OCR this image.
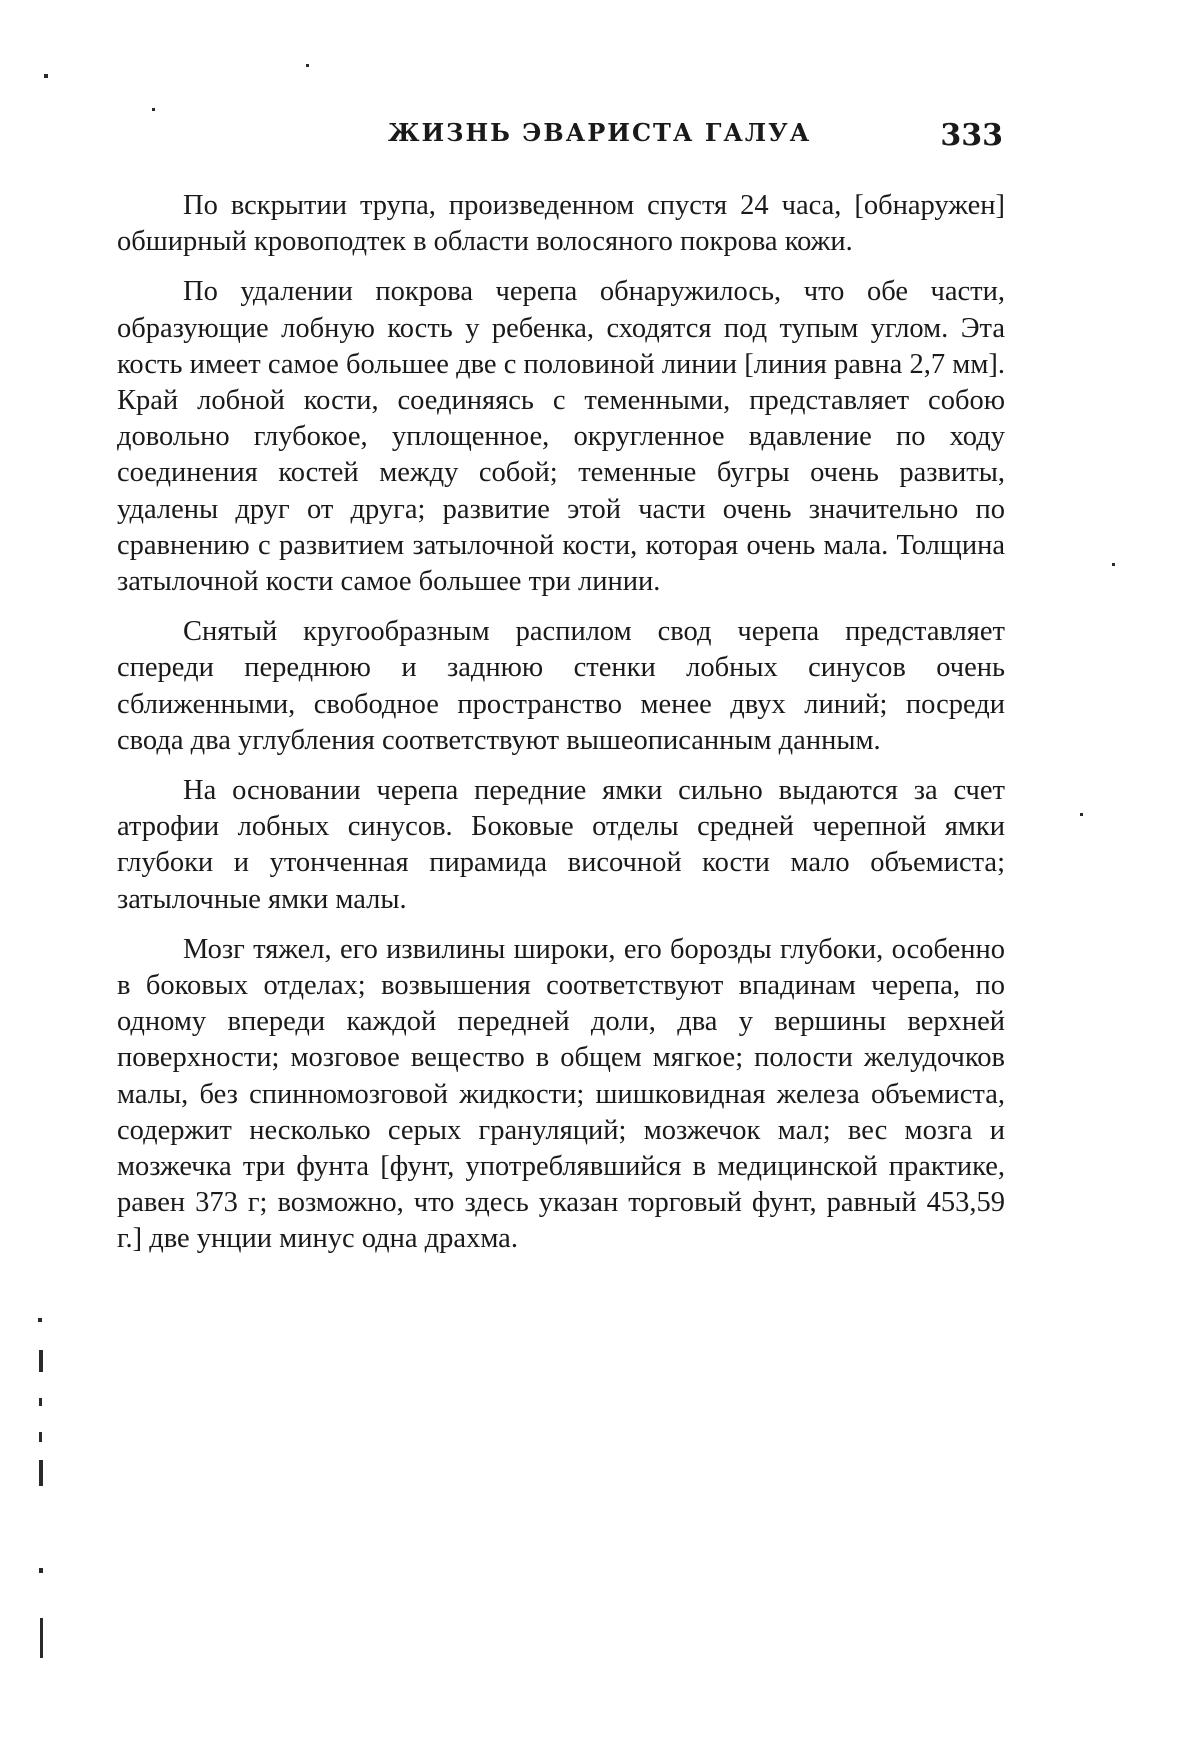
ЖИЗНЬ ЭВАРИСТА ГАЛУА	333

По вскрытии трупа, произведенном спустя 24 часа, [обнаружен] обширный кровоподтек в области волосяного покрова кожи.

По удалении покрова черепа обнаружилось, что обе части, образующие лобную кость у ребенка, сходятся под тупым углом. Эта кость имеет самое большее две с половиной линии [линия равна 2,7 мм]. Край лобной кости, соединяясь с теменными, представляет собою довольно глубокое, уплощенное, округленное вдавление по ходу соединения костей между собой; теменные бугры очень развиты, удалены друг от друга; развитие этой части очень значительно по сравнению с развитием затылочной кости, которая очень мала. Толщина затылочной кости самое большее три линии.

Снятый кругообразным распилом свод черепа представляет спереди переднюю и заднюю стенки лобных синусов очень сближенными, свободное пространство менее двух линий; посреди свода два углубления соответствуют вышеописанным данным.

На основании черепа передние ямки сильно выдаются за счет атрофии лобных синусов. Боковые отделы средней черепной ямки глубоки и утонченная пирамида височной кости мало объемиста; затылочные ямки малы.

Мозг тяжел, его извилины широки, его борозды глубоки, особенно в боковых отделах; возвышения соответствуют впадинам черепа, по одному впереди каждой передней доли, два у вершины верхней поверхности; мозговое вещество в общем мягкое; полости желудочков малы, без спинномозговой жидкости; шишковидная железа объемиста, содержит несколько серых грануляций; мозжечок мал; вес мозга и мозжечка три фунта [фунт, употреблявшийся в медицинской практике, равен 373 г; возможно, что здесь указан торговый фунт, равный 453,59 г.] две унции минус одна драхма.
